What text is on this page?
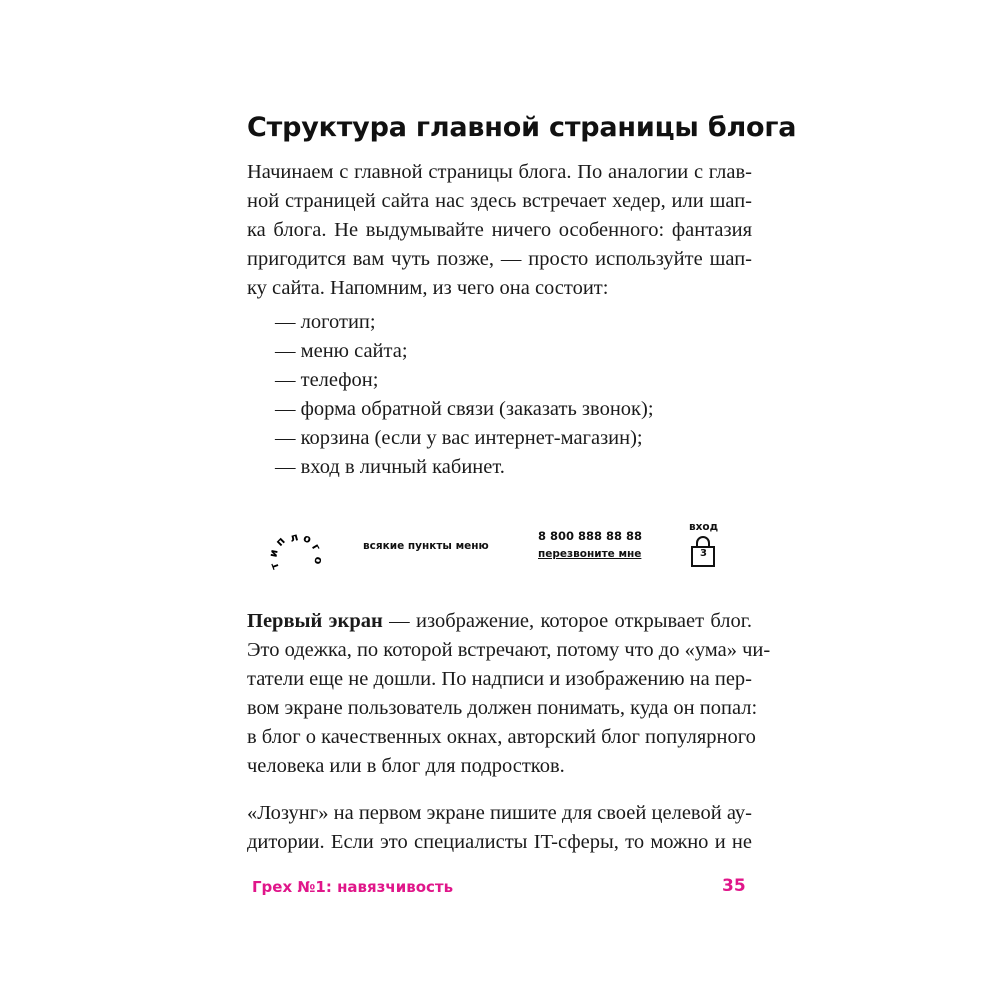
Структура главной страницы блога
Начинаем с главной страницы блога. По аналогии с глав-
ной страницей сайта нас здесь встречает хедер, или шап-
ка блога. Не выдумывайте ничего особенного: фантазия
пригодится вам чуть позже, — просто используйте шап-
ку сайта. Напомним, из чего она состоит:
— логотип;
— меню сайта;
— телефон;
— форма обратной связи (заказать звонок);
— корзина (если у вас интернет-магазин);
— вход в личный кабинет.
л о
г
о
т
и
п	всякие пункты меню
8 800 888 88 88
перезвоните мне
вход
3
Первый экран — изображение, которое открывает блог.
Это одежка, по которой встречают, потому что до «ума» чи-
татели еще не дошли. По надписи и изображению на пер-
вом экране пользователь должен понимать, куда он попал:
в блог о качественных окнах, авторский блог популярного
человека или в блог для подростков.
«Лозунг» на первом экране пишите для своей целевой ау-
дитории. Если это специалисты IT-сферы, то можно и не
Грех №1: навязчивость	35
